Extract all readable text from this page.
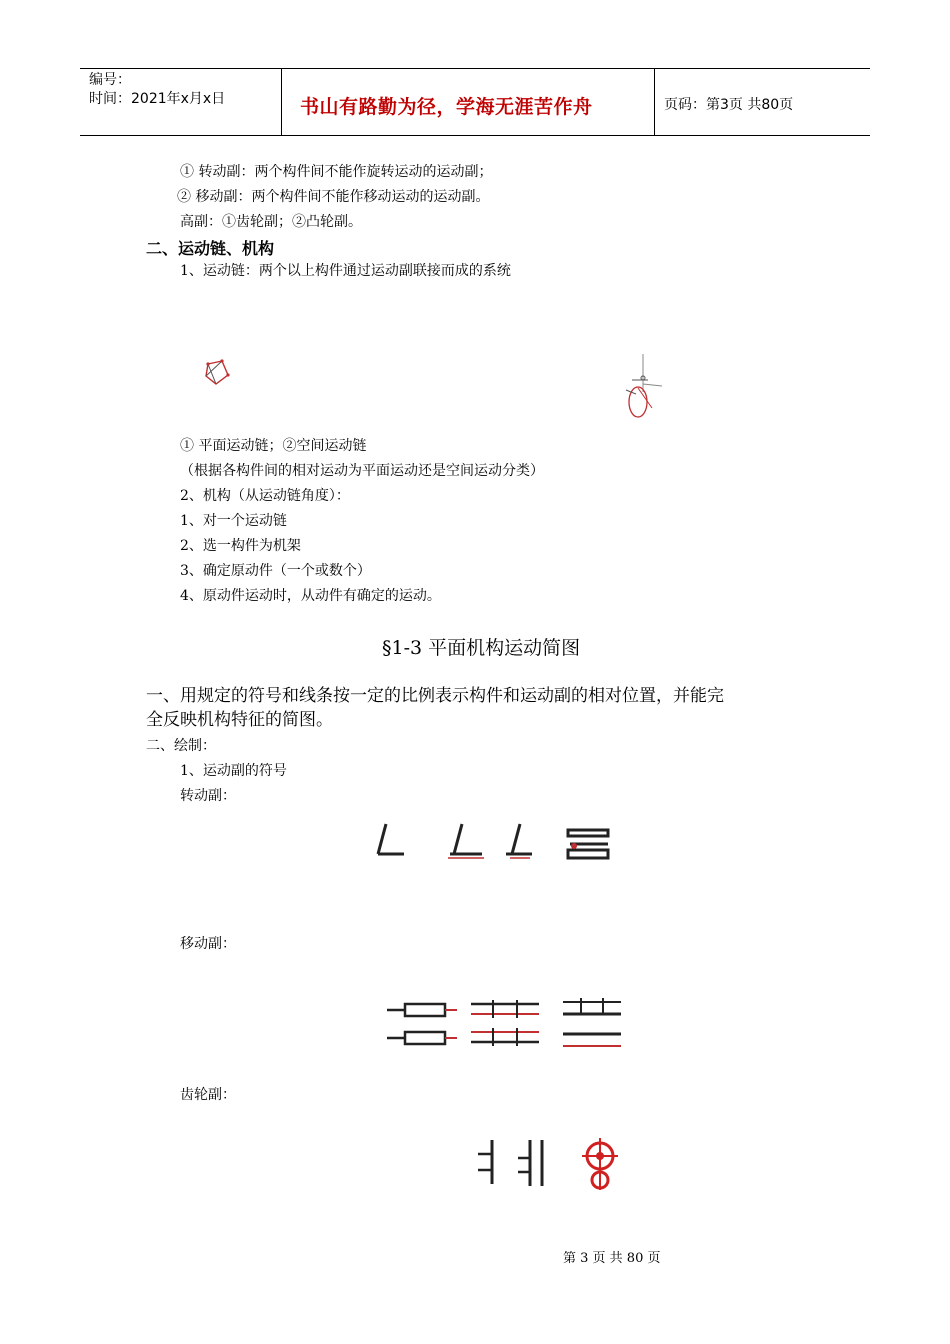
编号：
时间：2021年x月x日	书山有路勤为径，学海无涯苦作舟	页码：第3页 共80页
① 转动副：两个构件间不能作旋转运动的运动副；
② 移动副：两个构件间不能作移动运动的运动副。
高副：①齿轮副；②凸轮副。
二、运动链、机构
1、运动链：两个以上构件通过运动副联接而成的系统
① 平面运动链；②空间运动链
（根据各构件间的相对运动为平面运动还是空间运动分类）
2、机构（从运动链角度）：
1、对一个运动链
2、选一构件为机架
3、确定原动件（一个或数个）
4、原动件运动时，从动件有确定的运动。
§1-3 平面机构运动简图
一、用规定的符号和线条按一定的比例表示构件和运动副的相对位置，并能完
全反映机构特征的简图。
二、绘制：
1、运动副的符号
转动副：
移动副：
齿轮副：
第 3 页 共 80 页
